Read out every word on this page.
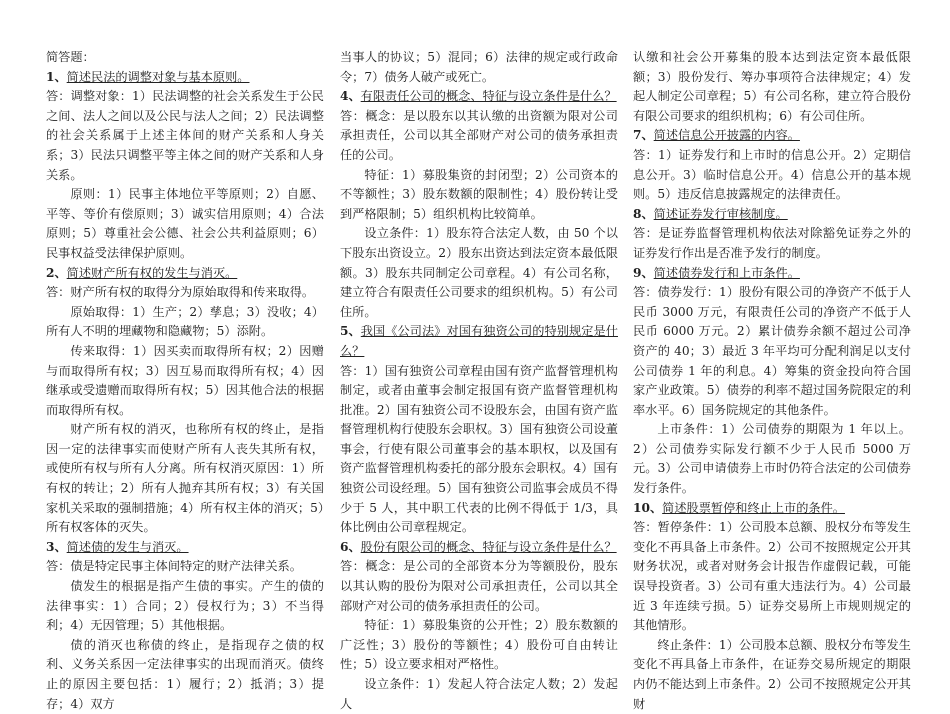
简答题：

1、简述民法的调整对象与基本原则。

答：调整对象：1）民法调整的社会关系发生于公民之间、法人之间以及公民与法人之间；2）民法调整的社会关系属于上述主体间的财产关系和人身关系；3）民法只调整平等主体之间的财产关系和人身关系。

原则：1）民事主体地位平等原则；2）自愿、平等、等价有偿原则；3）诚实信用原则；4）合法原则；5）尊重社会公德、社会公共利益原则；6）民事权益受法律保护原则。

2、简述财产所有权的发生与消灭。

答：财产所有权的取得分为原始取得和传来取得。

原始取得：1）生产；2）孳息；3）没收；4）所有人不明的埋藏物和隐藏物；5）添附。

传来取得：1）因买卖而取得所有权；2）因赠与而取得所有权；3）因互易而取得所有权；4）因继承或受遗赠而取得所有权；5）因其他合法的根据而取得所有权。

财产所有权的消灭，也称所有权的终止，是指因一定的法律事实而使财产所有人丧失其所有权，或使所有权与所有人分离。所有权消灭原因：1）所有权的转让；2）所有人抛弃其所有权；3）有关国家机关采取的强制措施；4）所有权主体的消灭；5）所有权客体的灭失。

3、简述债的发生与消灭。

答：债是特定民事主体间特定的财产法律关系。

债发生的根据是指产生债的事实。产生的债的法律事实：1）合同；2）侵权行为；3）不当得利；4）无因管理；5）其他根据。

债的消灭也称债的终止，是指现存之债的权利、义务关系因一定法律事实的出现而消灭。债终止的原因主要包括：1）履行；2）抵消；3）提存；4）双方

当事人的协议；5）混同；6）法律的规定或行政命令；7）债务人破产或死亡。

4、有限责任公司的概念、特征与设立条件是什么？

答：概念：是以股东以其认缴的出资额为限对公司承担责任，公司以其全部财产对公司的债务承担责任的公司。

特征：1）募股集资的封闭型；2）公司资本的不等额性；3）股东数额的限制性；4）股份转让受到严格限制；5）组织机构比较简单。

设立条件：1）股东符合法定人数，由 50 个以下股东出资设立。2）股东出资达到法定资本最低限额。3）股东共同制定公司章程。4）有公司名称，建立符合有限责任公司要求的组织机构。5）有公司住所。

5、我国《公司法》对国有独资公司的特别规定是什么？

答：1）国有独资公司章程由国有资产监督管理机构制定，或者由董事会制定报国有资产监督管理机构批准。2）国有独资公司不设股东会，由国有资产监督管理机构行使股东会职权。3）国有独资公司设董事会，行使有限公司董事会的基本职权，以及国有资产监督管理机构委托的部分股东会职权。4）国有独资公司设经理。5）国有独资公司监事会成员不得少于 5 人，其中职工代表的比例不得低于 1/3，具体比例由公司章程规定。

6、股份有限公司的概念、特征与设立条件是什么？

答：概念：是公司的全部资本分为等额股份，股东以其认购的股份为限对公司承担责任，公司以其全部财产对公司的债务承担责任的公司。

特征：1）募股集资的公开性；2）股东数额的广泛性；3）股份的等额性；4）股份可自由转让性；5）设立要求相对严格性。

设立条件：1）发起人符合法定人数；2）发起人

认缴和社会公开募集的股本达到法定资本最低限额；3）股份发行、筹办事项符合法律规定；4）发起人制定公司章程；5）有公司名称，建立符合股份有限公司要求的组织机构；6）有公司住所。

7、简述信息公开披露的内容。

答：1）证券发行和上市时的信息公开。2）定期信息公开。3）临时信息公开。4）信息公开的基本规则。5）违反信息披露规定的法律责任。

8、简述证券发行审核制度。

答：是证券监督管理机构依法对除豁免证券之外的证券发行作出是否准予发行的制度。

9、简述债券发行和上市条件。

答：债券发行：1）股份有限公司的净资产不低于人民币 3000 万元，有限责任公司的净资产不低于人民币 6000 万元。2）累计债券余额不超过公司净资产的 40；3）最近 3 年平均可分配利润足以支付公司债券 1 年的利息。4）筹集的资金投向符合国家产业政策。5）债券的利率不超过国务院限定的利率水平。6）国务院规定的其他条件。

上市条件：1）公司债券的期限为 1 年以上。2）公司债券实际发行额不少于人民币 5000 万元。3）公司申请债券上市时仍符合法定的公司债券发行条件。

10、简述股票暂停和终止上市的条件。

答：暂停条件：1）公司股本总额、股权分布等发生变化不再具备上市条件。2）公司不按照规定公开其财务状况，或者对财务会计报告作虚假记载，可能误导投资者。3）公司有重大违法行为。4）公司最近 3 年连续亏损。5）证券交易所上市规则规定的其他情形。

终止条件：1）公司股本总额、股权分布等发生变化不再具备上市条件，在证券交易所规定的期限内仍不能达到上市条件。2）公司不按照规定公开其财
